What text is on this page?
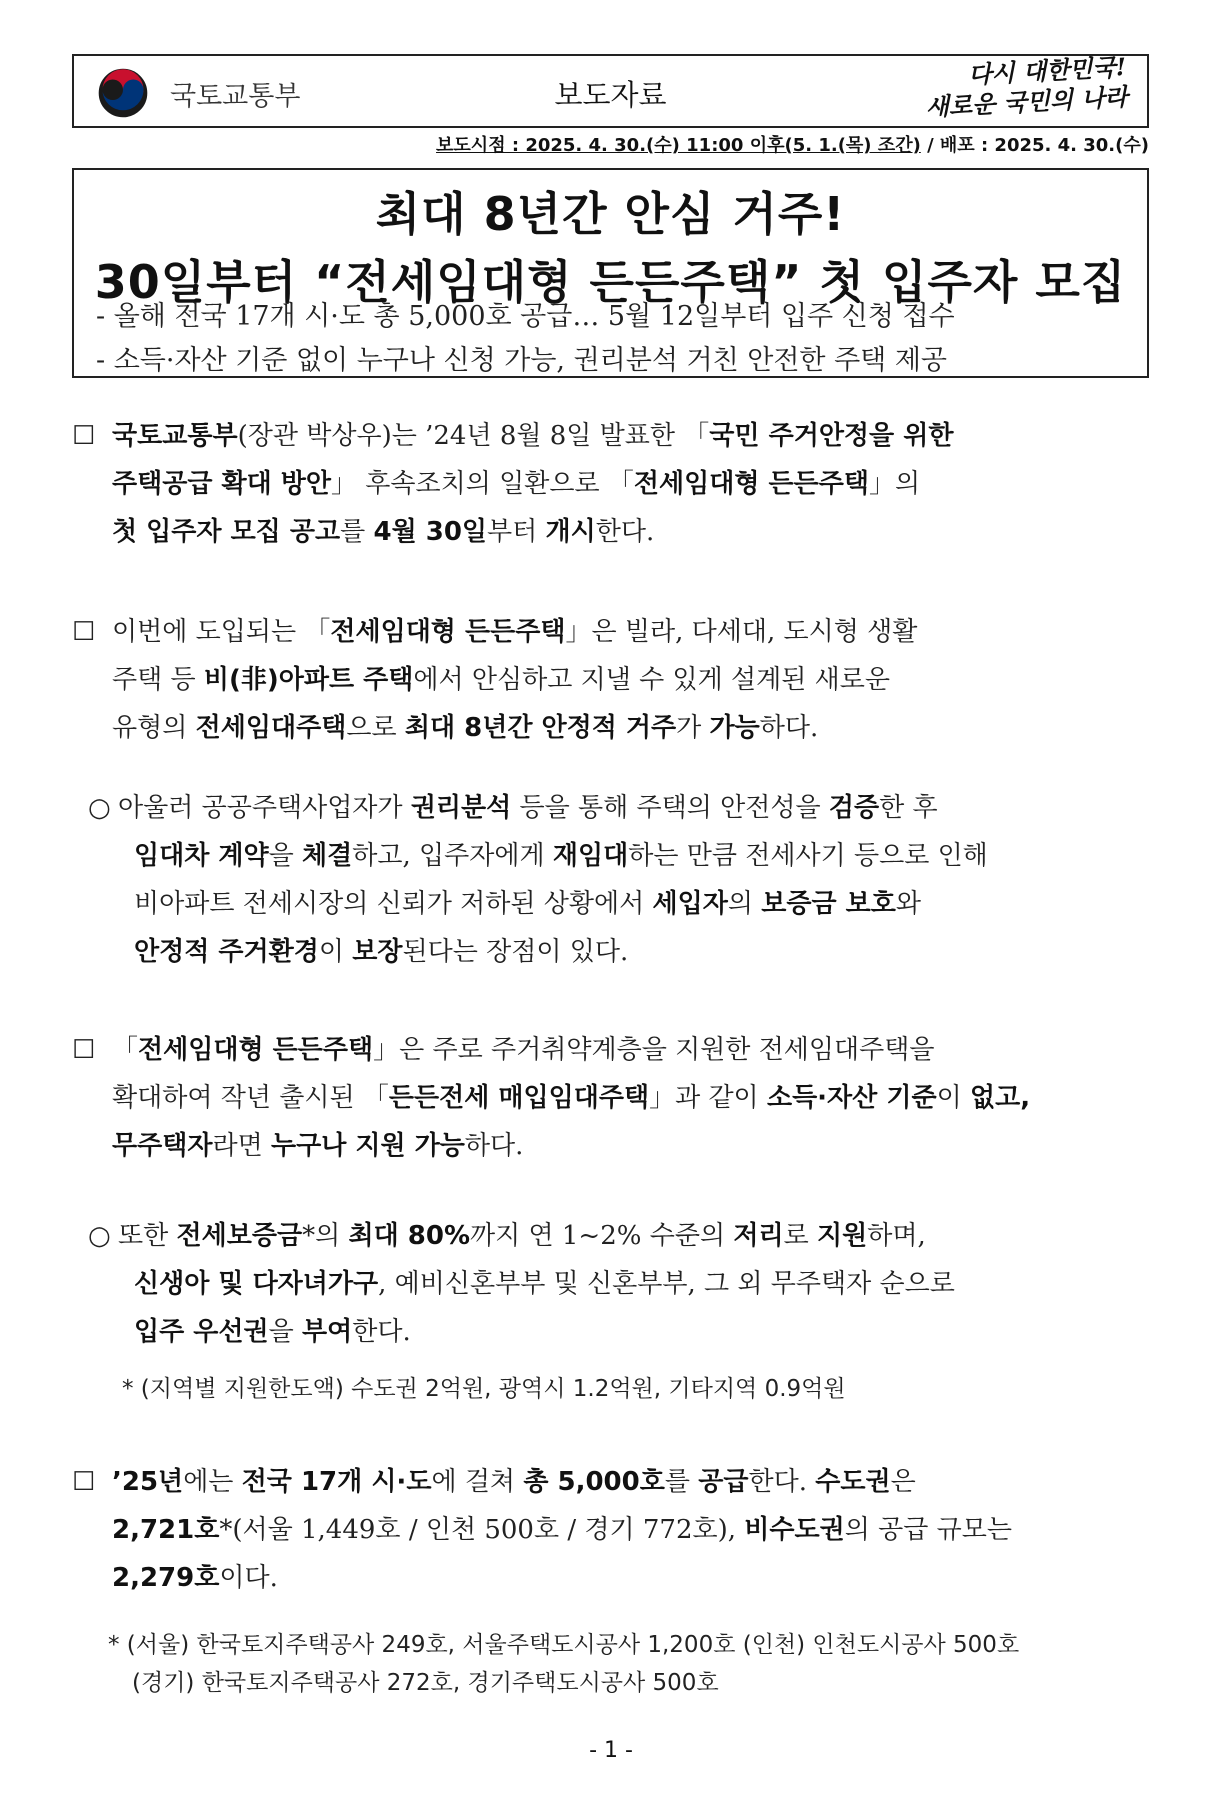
국토교통부	보도자료
다시 대한민국!
새로운 국민의 나라
보도시점 : 2025. 4. 30.(수) 11:00 이후(5. 1.(목) 조간) / 배포 : 2025. 4. 30.(수)
최대 8년간 안심 거주!
30일부터 “전세임대형 든든주택” 첫 입주자 모집
- 올해 전국 17개 시·도 총 5,000호 공급… 5월 12일부터 입주 신청 접수
- 소득·자산 기준 없이 누구나 신청 가능, 권리분석 거친 안전한 주택 제공
☐ 국토교통부(장관 박상우)는 ’24년 8월 8일 발표한 「국민 주거안정을 위한
주택공급 확대 방안」 후속조치의 일환으로 「전세임대형 든든주택」의
첫 입주자 모집 공고를 4월 30일부터 개시한다.
☐ 이번에 도입되는 「전세임대형 든든주택」은 빌라, 다세대, 도시형 생활
주택 등 비(非)아파트 주택에서 안심하고 지낼 수 있게 설계된 새로운
유형의 전세임대주택으로 최대 8년간 안정적 거주가 가능하다.
○ 아울러 공공주택사업자가 권리분석 등을 통해 주택의 안전성을 검증한 후
임대차 계약을 체결하고, 입주자에게 재임대하는 만큼 전세사기 등으로 인해
비아파트 전세시장의 신뢰가 저하된 상황에서 세입자의 보증금 보호와
안정적 주거환경이 보장된다는 장점이 있다.
☐ 「전세임대형 든든주택」은 주로 주거취약계층을 지원한 전세임대주택을
확대하여 작년 출시된 「든든전세 매입임대주택」과 같이 소득·자산 기준이 없고,
무주택자라면 누구나 지원 가능하다.
○ 또한 전세보증금*의 최대 80%까지 연 1~2% 수준의 저리로 지원하며,
신생아 및 다자녀가구, 예비신혼부부 및 신혼부부, 그 외 무주택자 순으로
입주 우선권을 부여한다.
* (지역별 지원한도액) 수도권 2억원, 광역시 1.2억원, 기타지역 0.9억원
☐ ’25년에는 전국 17개 시·도에 걸쳐 총 5,000호를 공급한다. 수도권은
2,721호*(서울 1,449호 / 인천 500호 / 경기 772호), 비수도권의 공급 규모는
2,279호이다.
* (서울) 한국토지주택공사 249호, 서울주택도시공사 1,200호 (인천) 인천도시공사 500호
(경기) 한국토지주택공사 272호, 경기주택도시공사 500호
- 1 -
